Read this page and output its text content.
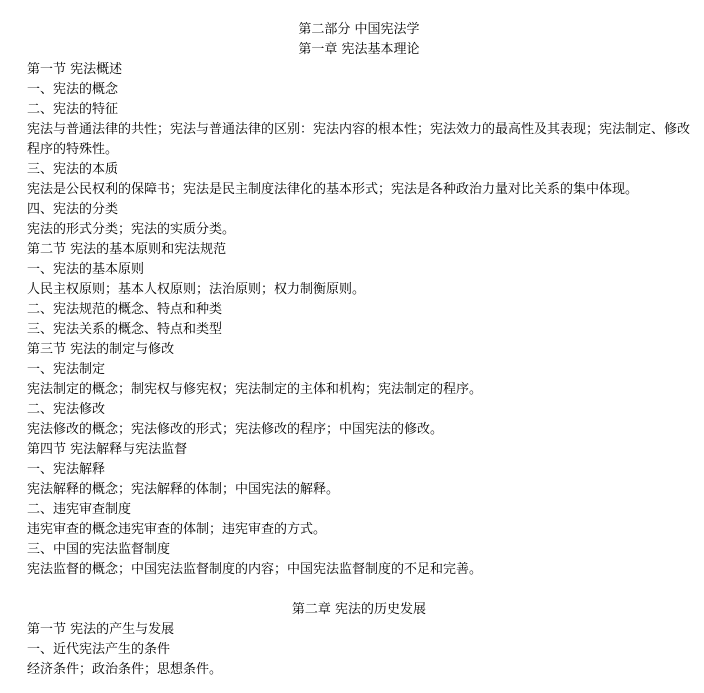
第二部分 中国宪法学
第一章 宪法基本理论
第一节 宪法概述
一、宪法的概念
二、宪法的特征
宪法与普通法律的共性；宪法与普通法律的区别：宪法内容的根本性；宪法效力的最高性及其表现；宪法制定、修改程序的特殊性。
三、宪法的本质
宪法是公民权利的保障书；宪法是民主制度法律化的基本形式；宪法是各种政治力量对比关系的集中体现。
四、宪法的分类
宪法的形式分类；宪法的实质分类。
第二节 宪法的基本原则和宪法规范
一、宪法的基本原则
人民主权原则；基本人权原则；法治原则；权力制衡原则。
二、宪法规范的概念、特点和种类
三、宪法关系的概念、特点和类型
第三节 宪法的制定与修改
一、宪法制定
宪法制定的概念；制宪权与修宪权；宪法制定的主体和机构；宪法制定的程序。
二、宪法修改
宪法修改的概念；宪法修改的形式；宪法修改的程序；中国宪法的修改。
第四节 宪法解释与宪法监督
一、宪法解释
宪法解释的概念；宪法解释的体制；中国宪法的解释。
二、违宪审查制度
违宪审查的概念违宪审查的体制；违宪审查的方式。
三、中国的宪法监督制度
宪法监督的概念；中国宪法监督制度的内容；中国宪法监督制度的不足和完善。
第二章 宪法的历史发展
第一节 宪法的产生与发展
一、近代宪法产生的条件
经济条件；政治条件；思想条件。
